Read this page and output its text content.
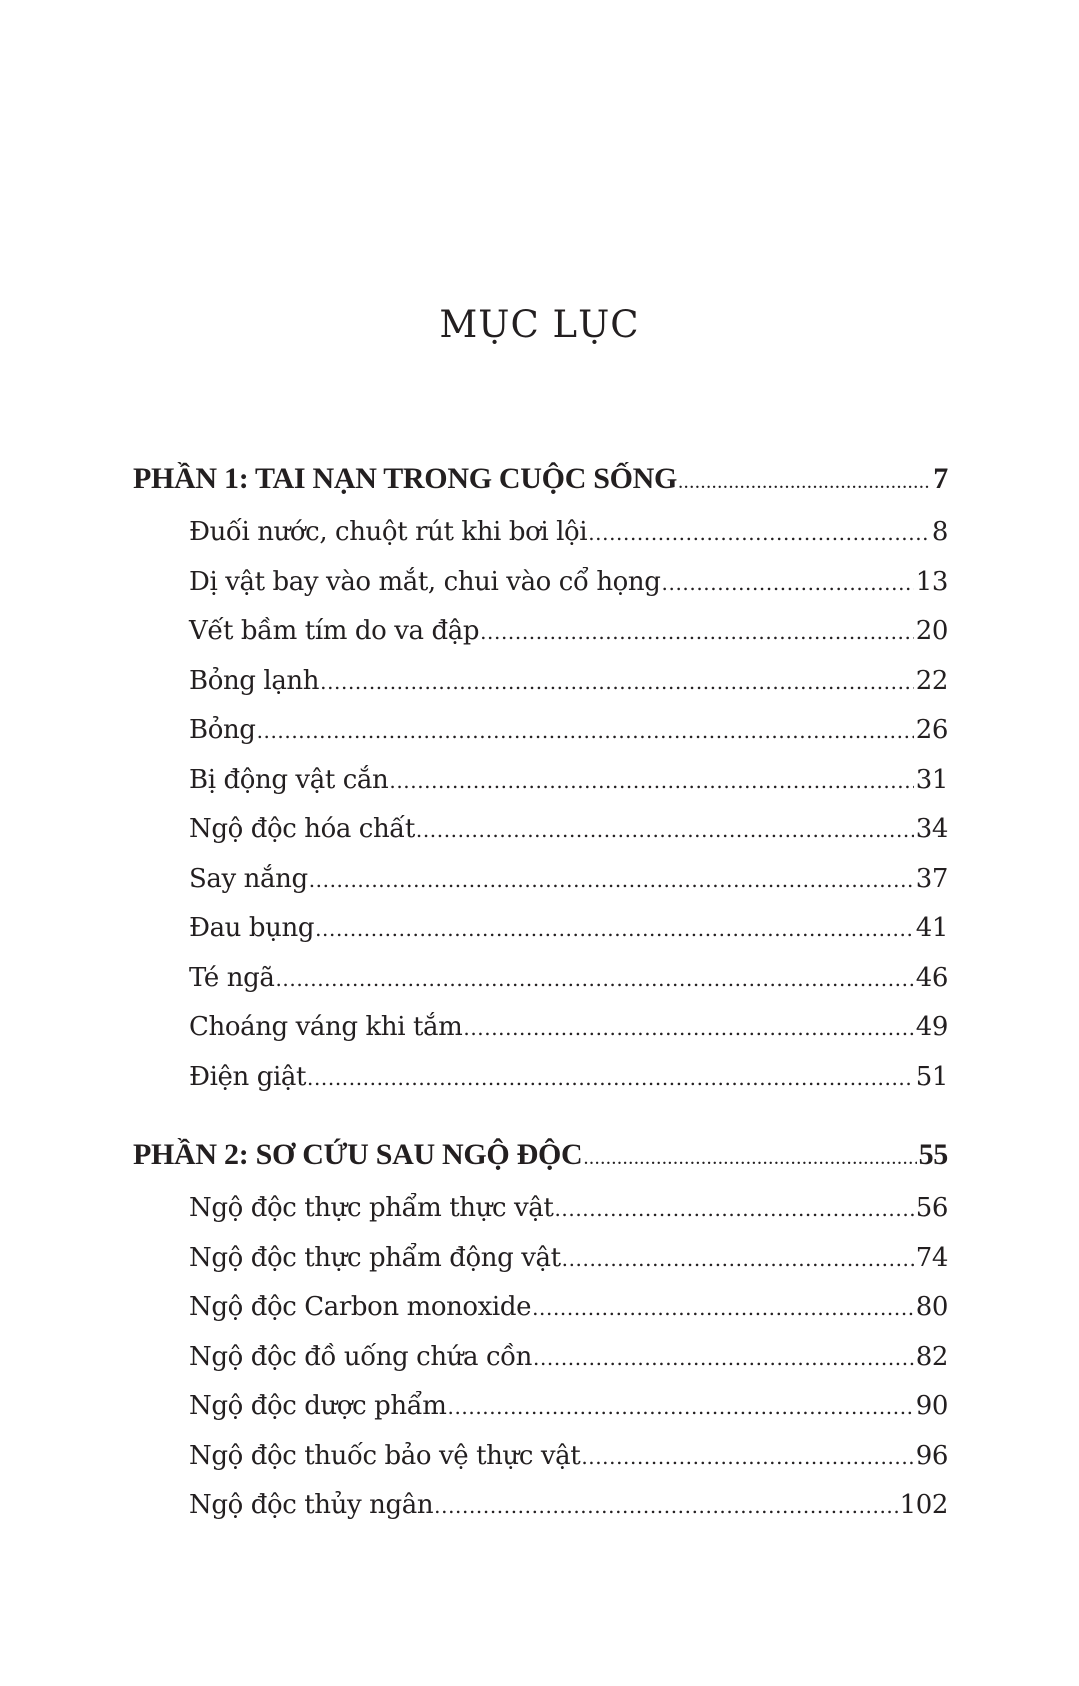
MỤC LỤC
PHẦN 1: TAI NẠN TRONG CUỘC SỐNG .....	7
Đuối nước, chuột rút khi bơi lội .....	8
Dị vật bay vào mắt, chui vào cổ họng .....	13
Vết bầm tím do va đập .....	20
Bỏng lạnh .....	22
Bỏng .....	26
Bị động vật cắn .....	31
Ngộ độc hóa chất .....	34
Say nắng .....	37
Đau bụng .....	41
Té ngã .....	46
Choáng váng khi tắm .....	49
Điện giật .....	51
PHẦN 2: SƠ CỨU SAU NGỘ ĐỘC .....	55
Ngộ độc thực phẩm thực vật .....	56
Ngộ độc thực phẩm động vật .....	74
Ngộ độc Carbon monoxide .....	80
Ngộ độc đồ uống chứa cồn .....	82
Ngộ độc dược phẩm .....	90
Ngộ độc thuốc bảo vệ thực vật .....	96
Ngộ độc thủy ngân .....	102
